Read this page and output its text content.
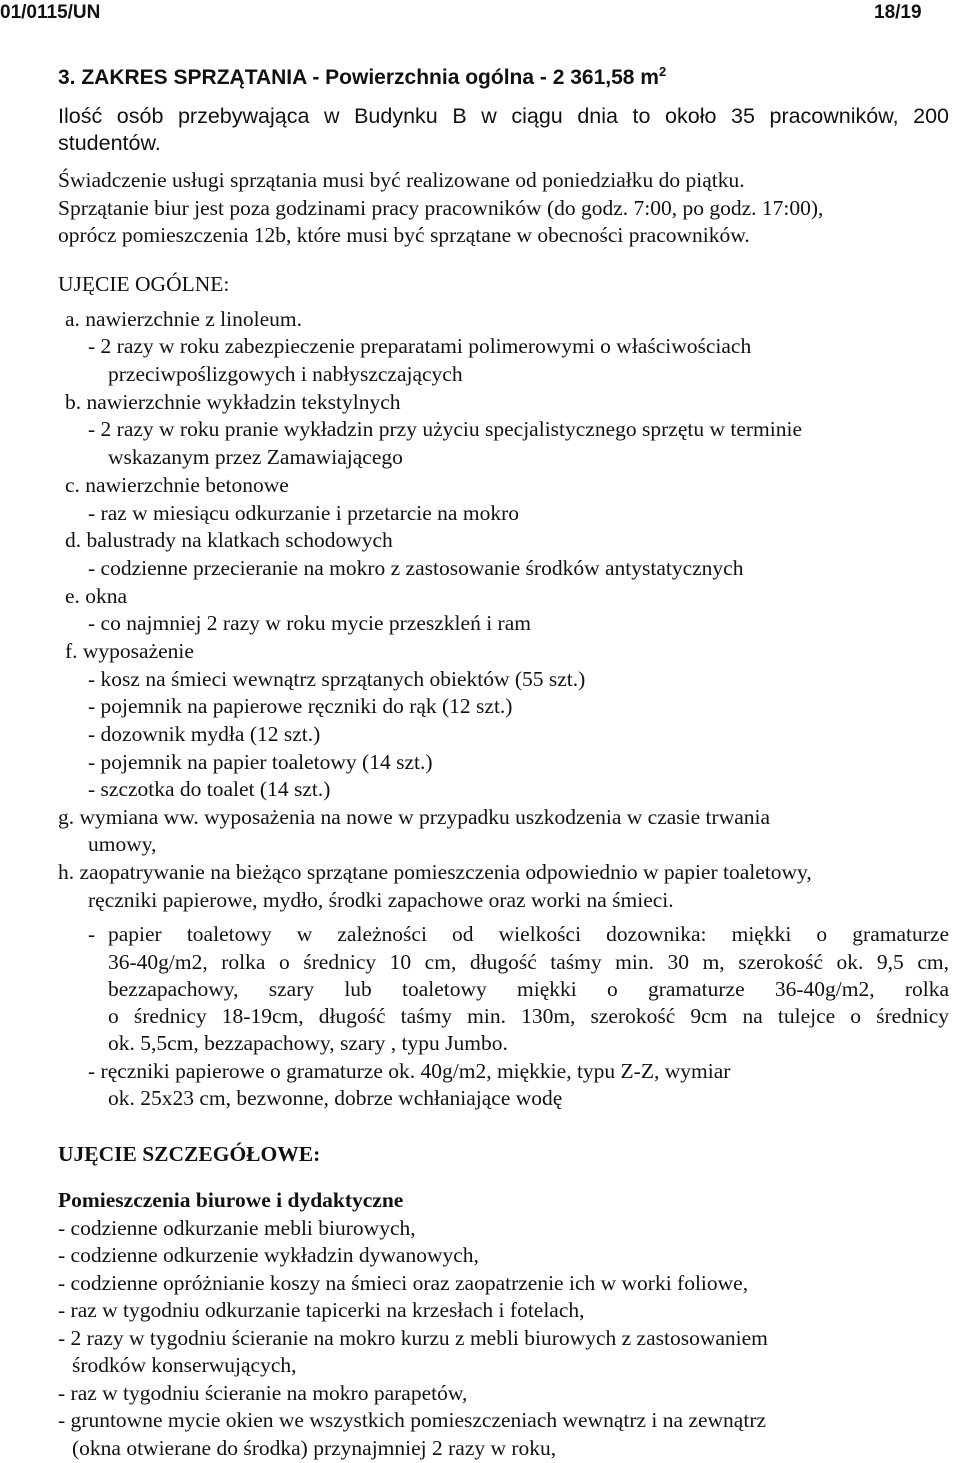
01/0115/UN	18/19

3. ZAKRES SPRZĄTANIA - Powierzchnia ogólna - 2 361,58 $m^2$

Ilość osób przebywająca w Budynku B w ciągu dnia to około 35 pracowników, 200

studentów.

Świadczenie usługi sprzątania musi być realizowane od poniedziałku do piątku.

Sprzątanie biur jest poza godzinami pracy pracowników (do godz. 7:00, po godz. 17:00),

oprócz pomieszczenia 12b, które musi być sprzątane w obecności pracowników.

UJĘCIE OGÓLNE:

a. nawierzchnie z linoleum.

- 2 razy w roku zabezpieczenie preparatami polimerowymi o właściwościach

przeciwpoślizgowych i nabłyszczających

b. nawierzchnie wykładzin tekstylnych

- 2 razy w roku pranie wykładzin przy użyciu specjalistycznego sprzętu w terminie

wskazanym przez Zamawiającego

c. nawierzchnie betonowe

- raz w miesiącu odkurzanie i przetarcie na mokro

d. balustrady na klatkach schodowych

- codzienne przecieranie na mokro z zastosowanie środków antystatycznych

e. okna

- co najmniej 2 razy w roku mycie przeszkleń i ram

f. wyposażenie

- kosz na śmieci wewnątrz sprzątanych obiektów (55 szt.)

- pojemnik na papierowe ręczniki do rąk (12 szt.)

- dozownik mydła (12 szt.)

- pojemnik na papier toaletowy (14 szt.)

- szczotka do toalet (14 szt.)

g. wymiana ww. wyposażenia na nowe w przypadku uszkodzenia w czasie trwania

umowy,

h. zaopatrywanie na bieżąco sprzątane pomieszczenia odpowiednio w papier toaletowy,

ręczniki papierowe, mydło, środki zapachowe oraz worki na śmieci.

- papier toaletowy w zależności od wielkości dozownika: miękki o gramaturze

36-40g/m2, rolka o średnicy 10 cm, długość taśmy min. 30 m, szerokość ok. 9,5 cm,

bezzapachowy, szary lub toaletowy miękki o gramaturze 36-40g/m2, rolka

o średnicy 18-19cm, długość taśmy min. 130m, szerokość 9cm na tulejce o średnicy

ok. 5,5cm, bezzapachowy, szary , typu Jumbo.

- ręczniki papierowe o gramaturze ok. 40g/m2, miękkie, typu Z-Z, wymiar

ok. 25x23 cm, bezwonne, dobrze wchłaniające wodę

UJĘCIE SZCZEGÓŁOWE:

Pomieszczenia biurowe i dydaktyczne

- codzienne odkurzanie mebli biurowych,

- codzienne odkurzenie wykładzin dywanowych,

- codzienne opróżnianie koszy na śmieci oraz zaopatrzenie ich w worki foliowe,

- raz w tygodniu odkurzanie tapicerki na krzesłach i fotelach,

- 2 razy w tygodniu ścieranie na mokro kurzu z mebli biurowych z zastosowaniem

środków konserwujących,

- raz w tygodniu ścieranie na mokro parapetów,

- gruntowne mycie okien we wszystkich pomieszczeniach wewnątrz i na zewnątrz

(okna otwierane do środka) przynajmniej 2 razy w roku,
